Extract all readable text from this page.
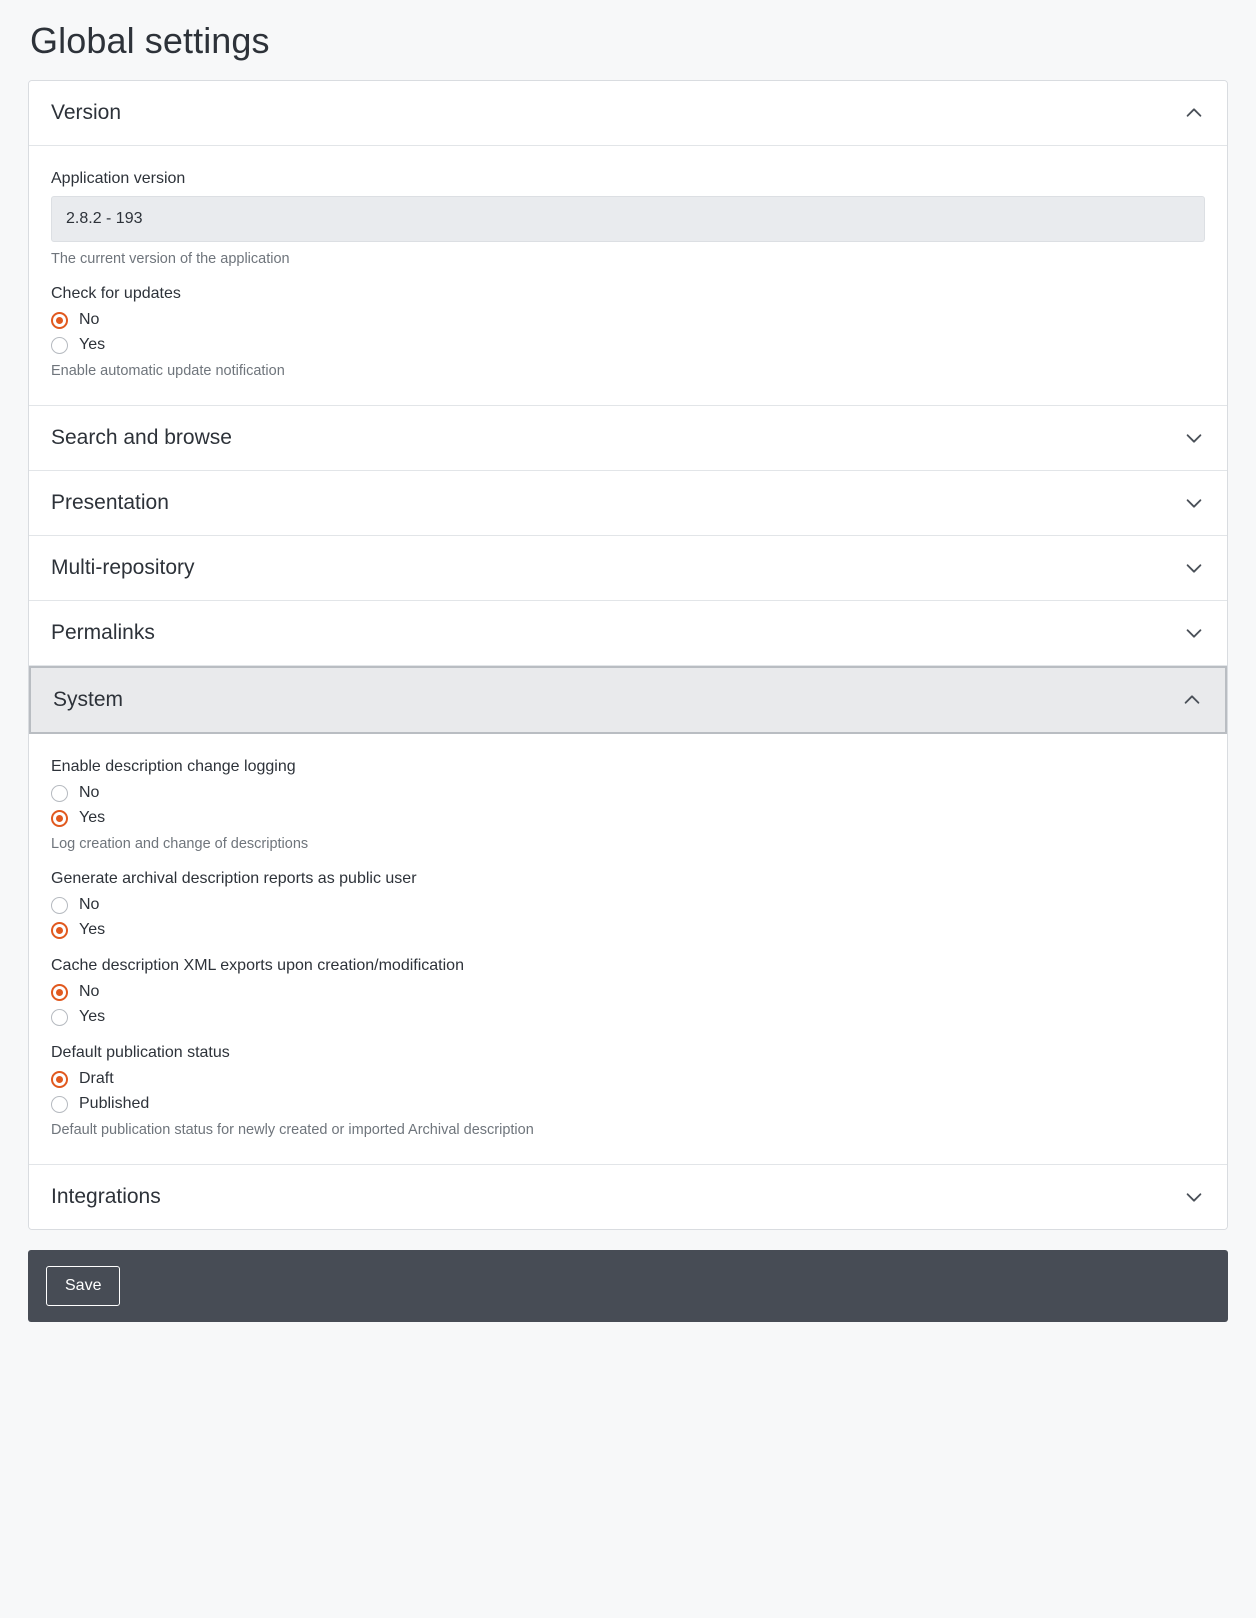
Global settings
Version
Application version
2.8.2 - 193
The current version of the application
Check for updates
No
Yes
Enable automatic update notification
Search and browse
Presentation
Multi-repository
Permalinks
System
Enable description change logging
No
Yes
Log creation and change of descriptions
Generate archival description reports as public user
No
Yes
Cache description XML exports upon creation/modification
No
Yes
Default publication status
Draft
Published
Default publication status for newly created or imported Archival description
Integrations
Save
